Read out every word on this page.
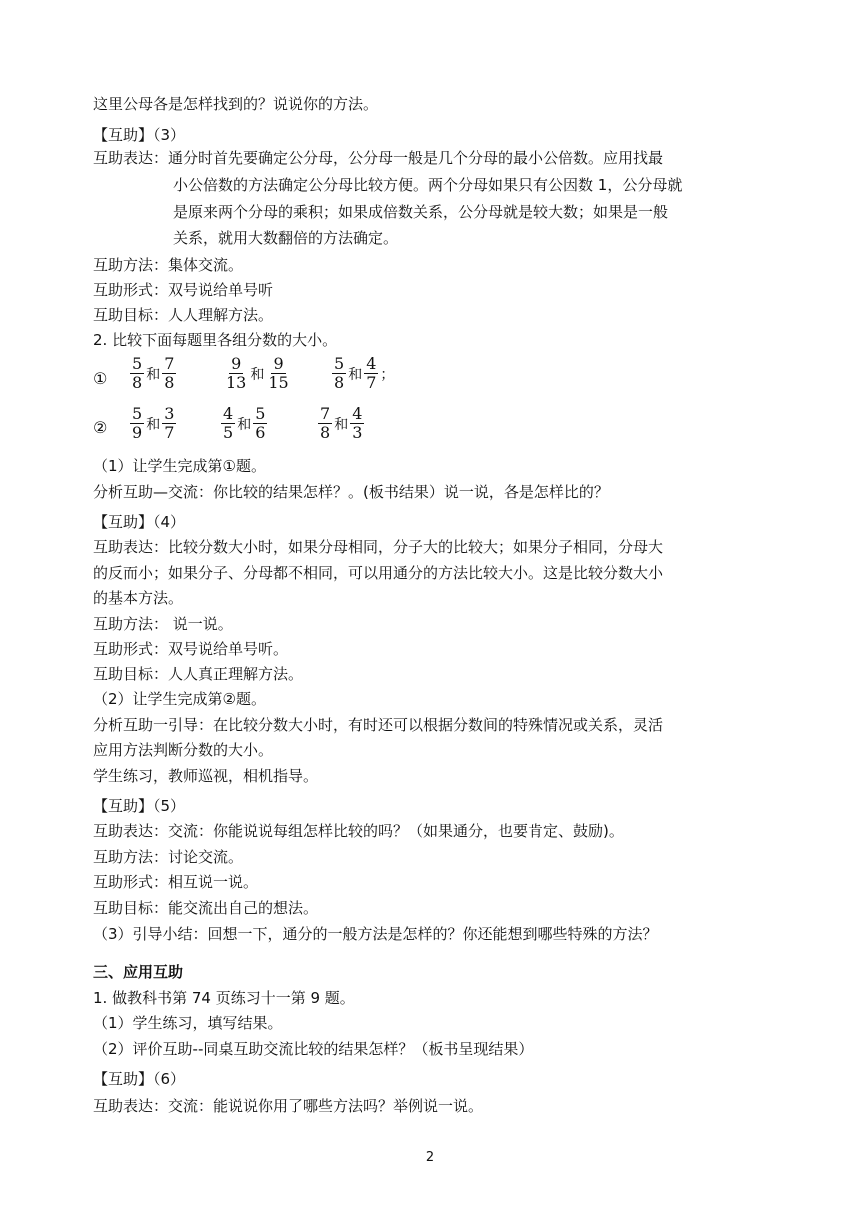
这里公母各是怎样找到的？说说你的方法。
【互助】（3）
互助表达：通分时首先要确定公分母，公分母一般是几个分母的最小公倍数。应用找最
小公倍数的方法确定公分母比较方便。两个分母如果只有公因数 1，公分母就
是原来两个分母的乘积；如果成倍数关系，公分母就是较大数；如果是一般
关系，就用大数翻倍的方法确定。
互助方法：集体交流。
互助形式：双号说给单号听
互助目标：人人理解方法。
2. 比较下面每题里各组分数的大小。
① $\frac{5}{8}$ 和 $\frac{7}{8}$	$\frac{9}{13}$ 和 $\frac{9}{15}$	$\frac{5}{8}$ 和 $\frac{4}{7}$ ；
② $\frac{5}{9}$ 和 $\frac{3}{7}$	$\frac{4}{5}$ 和 $\frac{5}{6}$	$\frac{7}{8}$ 和 $\frac{4}{3}$
（1）让学生完成第①题。
分析互助—交流：你比较的结果怎样？。(板书结果）说一说，各是怎样比的？
【互助】（4）
互助表达：比较分数大小时，如果分母相同，分子大的比较大；如果分子相同，分母大
的反而小；如果分子、分母都不相同，可以用通分的方法比较大小。这是比较分数大小
的基本方法。
互助方法： 说一说。
互助形式：双号说给单号听。
互助目标：人人真正理解方法。
（2）让学生完成第②题。
分析互助一引导：在比较分数大小时，有时还可以根据分数间的特殊情况或关系，灵活
应用方法判断分数的大小。
学生练习，教师巡视，相机指导。
【互助】（5）
互助表达：交流：你能说说每组怎样比较的吗？（如果通分，也要肯定、鼓励)。
互助方法：讨论交流。
互助形式：相互说一说。
互助目标：能交流出自己的想法。
（3）引导小结：回想一下，通分的一般方法是怎样的？你还能想到哪些特殊的方法？
三、应用互助
1. 做教科书第 74 页练习十一第 9 题。
（1）学生练习，填写结果。
（2）评价互助--同桌互助交流比较的结果怎样？（板书呈现结果）
【互助】（6）
互助表达：交流：能说说你用了哪些方法吗？举例说一说。
2
